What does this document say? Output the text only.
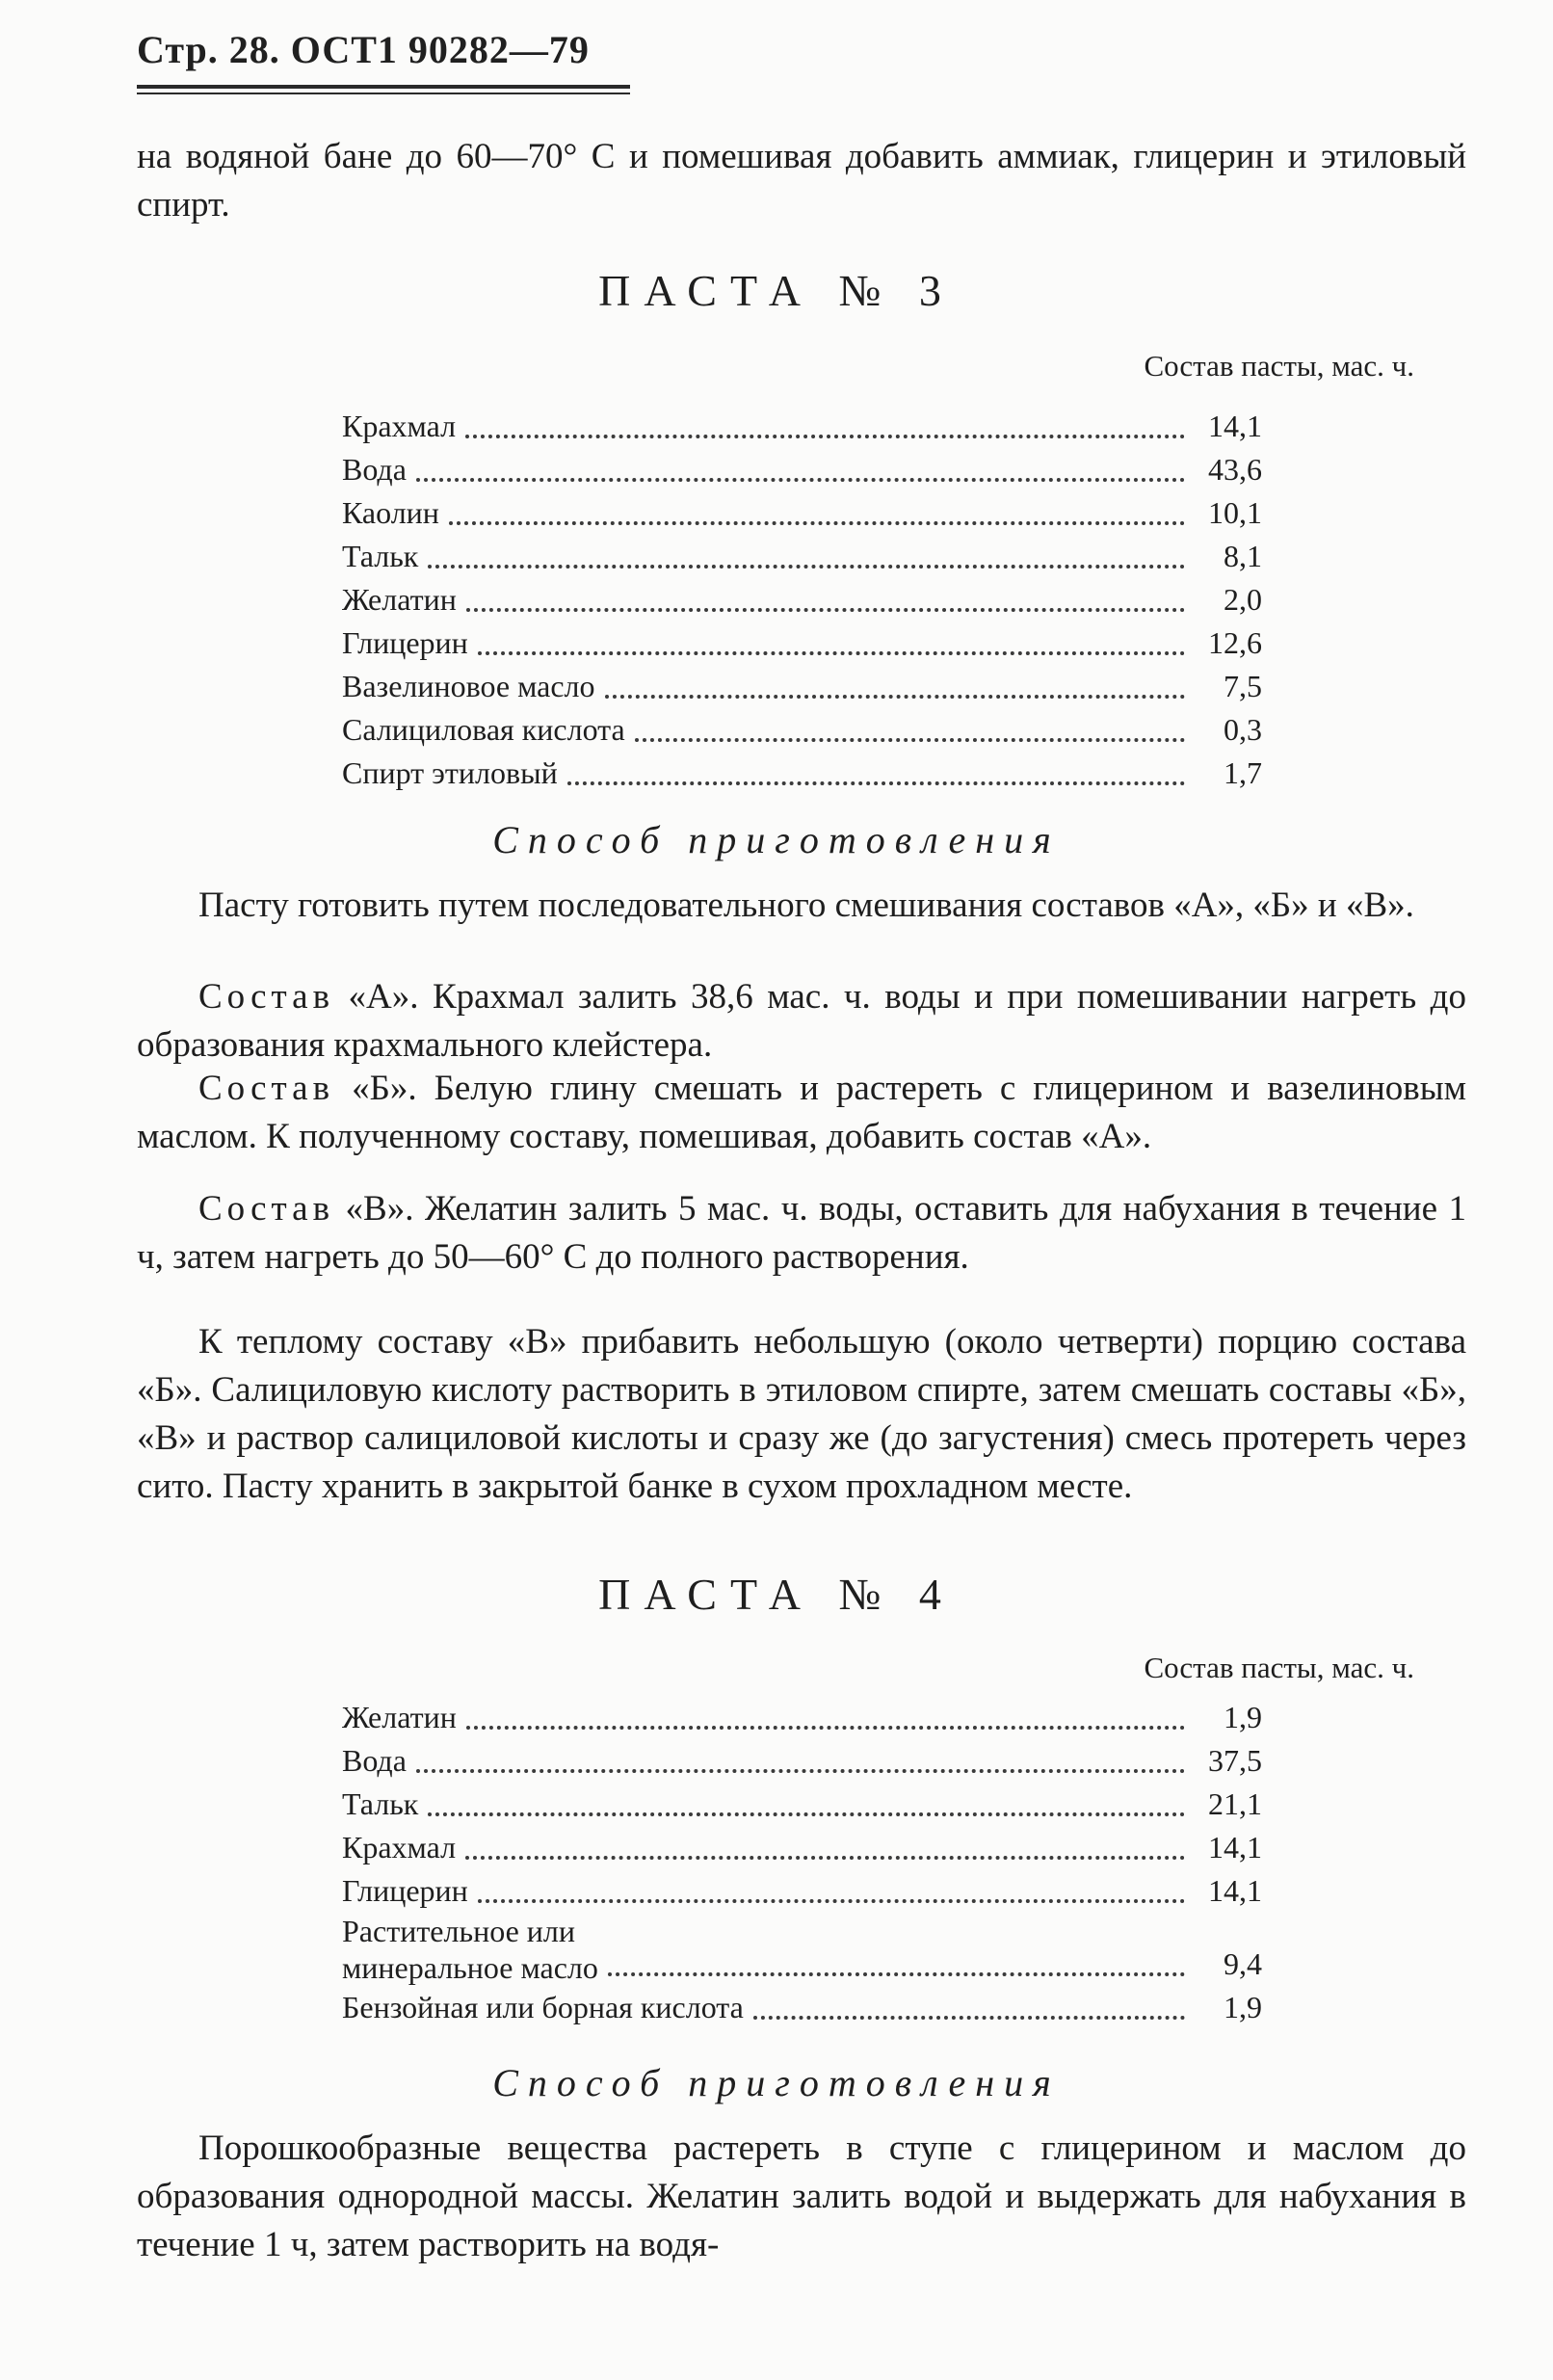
Стр. 28. ОСТ1 90282—79

на водяной бане до 60—70° С и помешивая добавить аммиак, глицерин и этиловый спирт.

ПАСТА № 3
Состав пасты, мас. ч.
Крахмал	14,1
Вода	43,6
Каолин	10,1
Тальк	8,1
Желатин	2,0
Глицерин	12,6
Вазелиновое масло	7,5
Салициловая кислота	0,3
Спирт этиловый	1,7
Способ приготовления

Пасту готовить путем последовательного смешивания составов «А», «Б» и «В».

Состав «А». Крахмал залить 38,6 мас. ч. воды и при помешивании нагреть до образования крахмального клейстера.

Состав «Б». Белую глину смешать и растереть с глицерином и вазелиновым маслом. К полученному составу, помешивая, добавить состав «А».

Состав «В». Желатин залить 5 мас. ч. воды, оставить для набухания в течение 1 ч, затем нагреть до 50—60° С до полного растворения.

К теплому составу «В» прибавить небольшую (около четверти) порцию состава «Б». Салициловую кислоту растворить в этиловом спирте, затем смешать составы «Б», «В» и раствор салициловой кислоты и сразу же (до загустения) смесь протереть через сито. Пасту хранить в закрытой банке в сухом прохладном месте.

ПАСТА № 4
Состав пасты, мас. ч.
Желатин	1,9
Вода	37,5
Тальк	21,1
Крахмал	14,1
Глицерин	14,1
Растительное или
минеральное масло	9,4
Бензойная или борная кислота	1,9
Способ приготовления

Порошкообразные вещества растереть в ступе с глицерином и маслом до образования однородной массы. Желатин залить водой и выдержать для набухания в течение 1 ч, затем растворить на водя-
